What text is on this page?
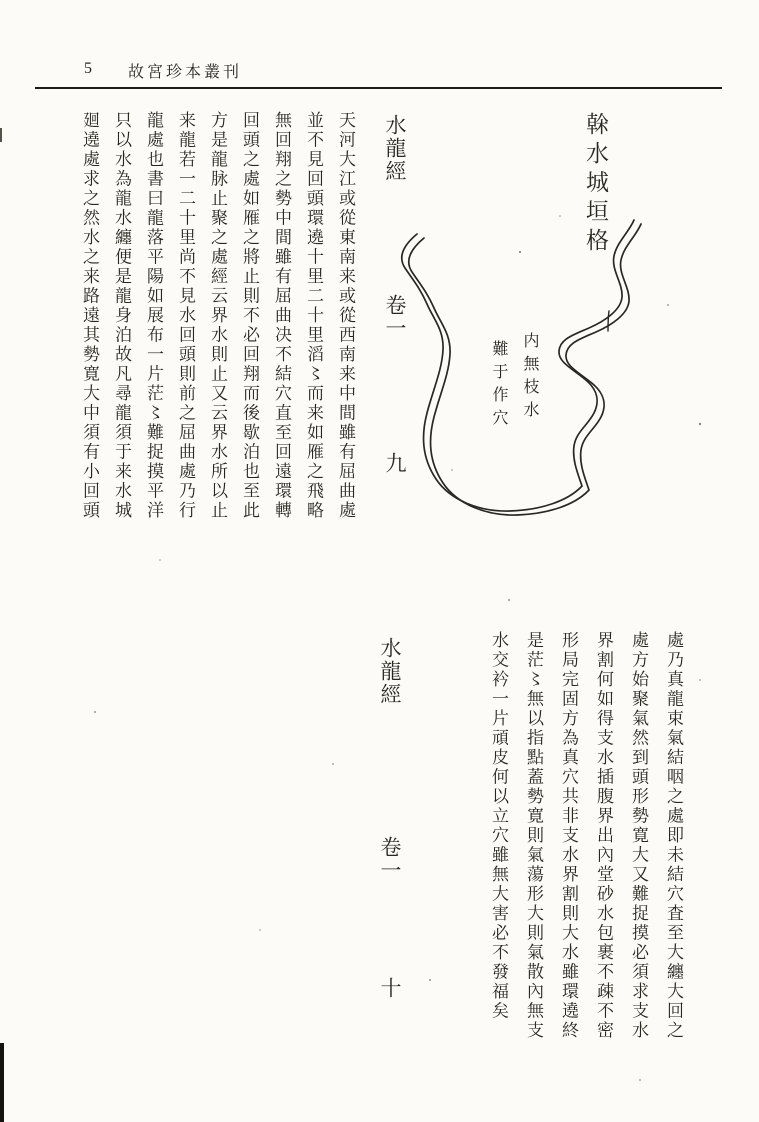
5 故宮珍本叢刊
榦水城垣格
内無枝水
難于作穴
水龍經 卷一 九
天河大江或從東南来或從西南来中間雖有屈曲處
並不見回頭環遶十里二十里滔〻而来如雁之飛略
無回翔之勢中間雖有屈曲决不結穴直至回遠環轉
回頭之處如雁之將止則不必回翔而後歇泊也至此
方是龍脉止聚之處經云界水則止又云界水所以止
来龍若一二十里尚不見水回頭則前之屈曲處乃行
龍處也書曰龍落平陽如展布一片茫〻難捉摸平洋
只以水為龍水纏便是龍身泊故凡尋龍須于来水城
廻遶處求之然水之来路遠其勢寛大中須有小回頭
處乃真龍束氣結咽之處即未結穴査至大纏大回之
處方始聚氣然到頭形勢寛大又難捉摸必須求支水
界割何如得支水插腹界出內堂砂水包裹不疎不密
形局完固方為真穴共非支水界割則大水雖環遶終
是茫〻無以指點蓋勢寛則氣蕩形大則氣散內無支
水交衿一片頑皮何以立穴雖無大害必不發福矣
水龍經 卷一 十
